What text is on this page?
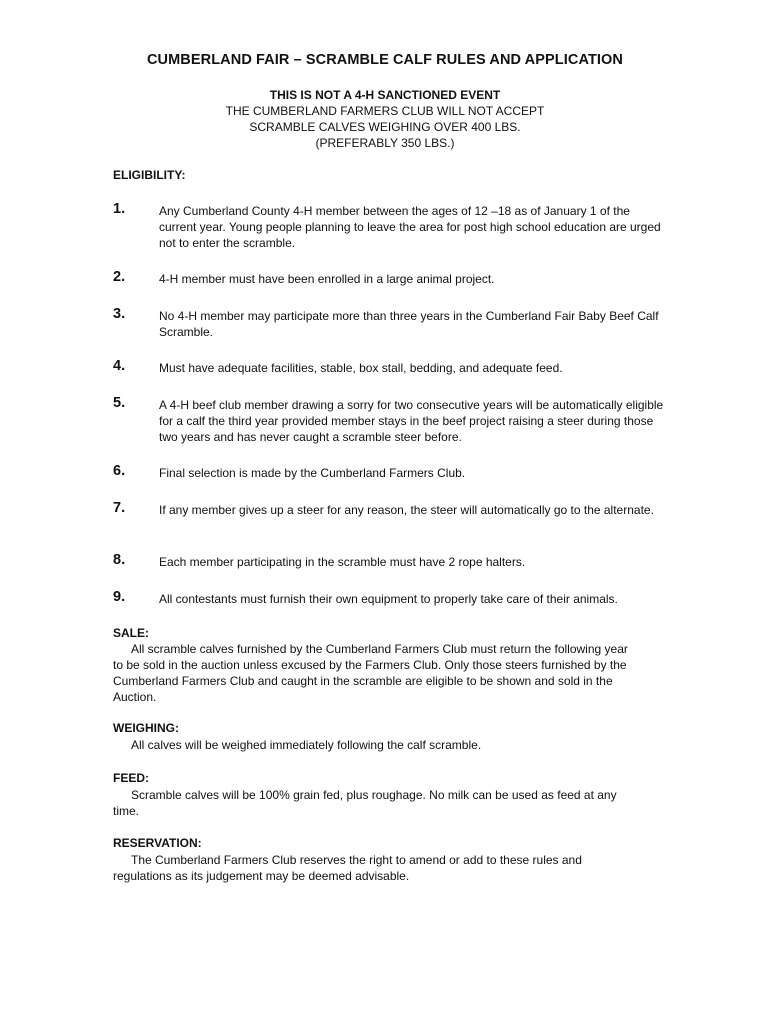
CUMBERLAND FAIR – SCRAMBLE CALF RULES AND APPLICATION
THIS IS NOT A 4-H SANCTIONED EVENT
THE CUMBERLAND FARMERS CLUB WILL NOT ACCEPT
SCRAMBLE CALVES WEIGHING OVER 400 LBS.
(PREFERABLY 350 LBS.)
ELIGIBILITY:
1.	Any Cumberland County 4-H member between the ages of 12 –18 as of January 1 of the current year. Young people planning to leave the area for post high school education are urged not to enter the scramble.
2.	4-H member must have been enrolled in a large animal project.
3.	No 4-H member may participate more than three years in the Cumberland Fair Baby Beef Calf Scramble.
4.	Must have adequate facilities, stable, box stall, bedding, and adequate feed.
5.	A 4-H beef club member drawing a sorry for two consecutive years will be automatically eligible for a calf the third year provided member stays in the beef project raising a steer during those two years and has never caught a scramble steer before.
6.	Final selection is made by the Cumberland Farmers Club.
7.	If any member gives up a steer for any reason, the steer will automatically go to the alternate.
8.	Each member participating in the scramble must have 2 rope halters.
9.	All contestants must furnish their own equipment to properly take care of their animals.
SALE:
All scramble calves furnished by the Cumberland Farmers Club must return the following year to be sold in the auction unless excused by the Farmers Club. Only those steers furnished by the Cumberland Farmers Club and caught in the scramble are eligible to be shown and sold in the Auction.
WEIGHING:
All calves will be weighed immediately following the calf scramble.
FEED:
Scramble calves will be 100% grain fed, plus roughage. No milk can be used as feed at any time.
RESERVATION:
The Cumberland Farmers Club reserves the right to amend or add to these rules and regulations as its judgement may be deemed advisable.
